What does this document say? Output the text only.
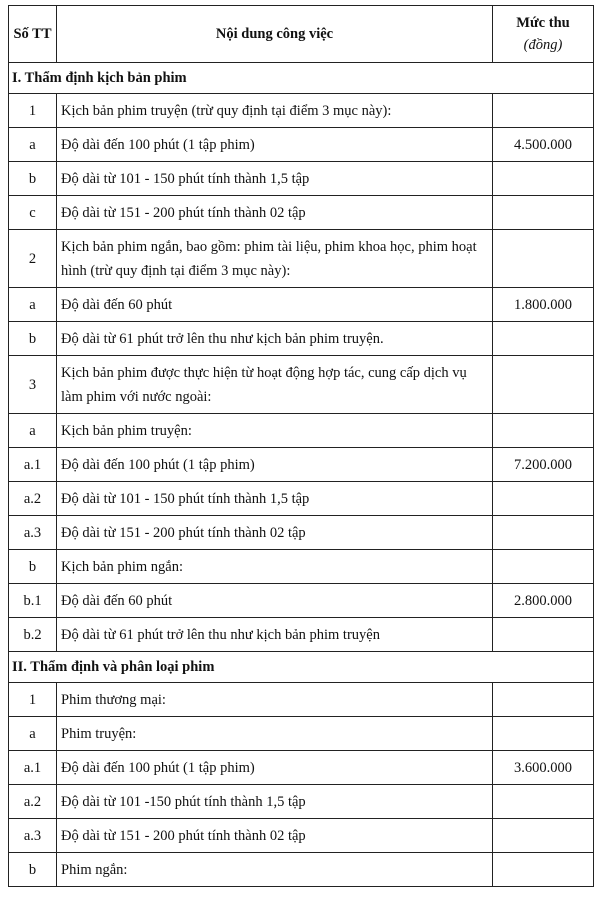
Số TT	Nội dung công việc	Mức thu
(đồng)

I. Thẩm định kịch bản phim		
1	Kịch bản phim truyện (trừ quy định tại điểm 3 mục này):	
a	Độ dài đến 100 phút (1 tập phim)	4.500.000
b	Độ dài từ 101 - 150 phút tính thành 1,5 tập	
c	Độ dài từ 151 - 200 phút tính thành 02 tập	
2	Kịch bản phim ngắn, bao gồm: phim tài liệu, phim khoa học, phim hoạt hình (trừ quy định tại điểm 3 mục này):	
a	Độ dài đến 60 phút	1.800.000
b	Độ dài từ 61 phút trở lên thu như kịch bản phim truyện.	
3	Kịch bản phim được thực hiện từ hoạt động hợp tác, cung cấp dịch vụ làm phim với nước ngoài:	
a	Kịch bản phim truyện:	
a.1	Độ dài đến 100 phút (1 tập phim)	7.200.000
a.2	Độ dài từ 101 - 150 phút tính thành 1,5 tập	
a.3	Độ dài từ 151 - 200 phút tính thành 02 tập	
b	Kịch bản phim ngắn:	
b.1	Độ dài đến 60 phút	2.800.000
b.2	Độ dài từ 61 phút trở lên thu như kịch bản phim truyện	
II. Thẩm định và phân loại phim		
1	Phim thương mại:	
a	Phim truyện:	
a.1	Độ dài đến 100 phút (1 tập phim)	3.600.000
a.2	Độ dài từ 101 -150 phút tính thành 1,5 tập	
a.3	Độ dài từ 151 - 200 phút tính thành 02 tập	
b	Phim ngắn:	
